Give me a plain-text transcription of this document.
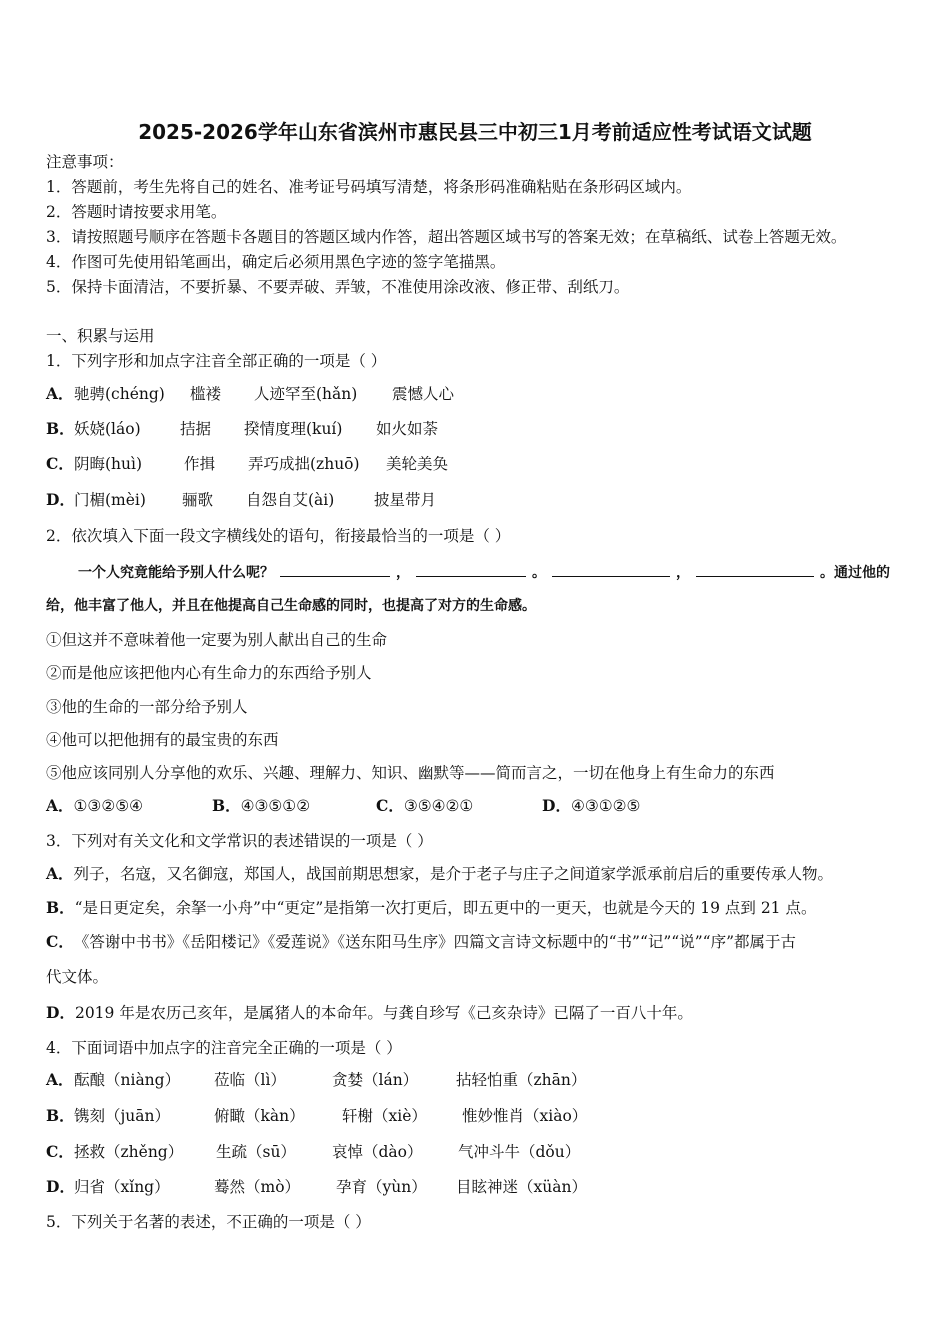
2025-2026学年山东省滨州市惠民县三中初三1月考前适应性考试语文试题
注意事项：
1．答题前，考生先将自己的姓名、准考证号码填写清楚，将条形码准确粘贴在条形码区域内。
2．答题时请按要求用笔。
3．请按照题号顺序在答题卡各题目的答题区域内作答，超出答题区域书写的答案无效；在草稿纸、试卷上答题无效。
4．作图可先使用铅笔画出，确定后必须用黑色字迹的签字笔描黑。
5．保持卡面清洁，不要折暴、不要弄破、弄皱，不准使用涂改液、修正带、刮纸刀。
一、积累与运用
1．下列字形和加点字注音全部正确的一项是（ ）
A． 驰骋(chéng) 槛褛 人迹罕至(hǎn) 震憾人心
B． 妖娆(láo)	拮据 揆情度理(kuí) 如火如荼
C． 阴晦(huì)	作揖 弄巧成拙(zhuō) 美轮美奂
D． 门楣(mèi) 骊歌 自怨自艾(ài)	披星带月
2．依次填入下面一段文字横线处的语句，衔接最恰当的一项是（ ）
一个人究竟能给予别人什么呢？	，	。	，	。通过他的
给，他丰富了他人，并且在他提高自己生命感的同时，也提高了对方的生命感。
①但这并不意味着他一定要为别人献出自己的生命
②而是他应该把他内心有生命力的东西给予别人
③他的生命的一部分给予别人
④他可以把他拥有的最宝贵的东西
⑤他应该同别人分享他的欢乐、兴趣、理解力、知识、幽默等——简而言之，一切在他身上有生命力的东西
A．①③②⑤④	B．④③⑤①②	C．③⑤④②①	D．④③①②⑤
3．下列对有关文化和文学常识的表述错误的一项是（ ）
A．列子，名寇，又名御寇，郑国人，战国前期思想家，是介于老子与庄子之间道家学派承前启后的重要传承人物。
B．“是日更定矣，余拏一小舟”中“更定”是指第一次打更后，即五更中的一更天，也就是今天的 19 点到 21 点。
C．《答谢中书书》《岳阳楼记》《爱莲说》《送东阳马生序》四篇文言诗文标题中的“书”“记”“说”“序”都属于古
代文体。
D．2019 年是农历己亥年，是属猪人的本命年。与龚自珍写《己亥杂诗》已隔了一百八十年。
4．下面词语中加点字的注音完全正确的一项是（ ）
A． 酝酿（niàng） 莅临（lì）	贪婪（lán） 拈轻怕重（zhān）
B． 镌刻（juān）	俯瞰（kàn） 轩榭（xiè） 惟妙惟肖（xiào）
C． 拯救（zhěng） 生疏（sū） 哀悼（dào） 气冲斗牛（dǒu）
D． 归省（xǐng）	蓦然（mò） 孕育（yùn） 目眩神迷（xüàn）
5．下列关于名著的表述，不正确的一项是（ ）
